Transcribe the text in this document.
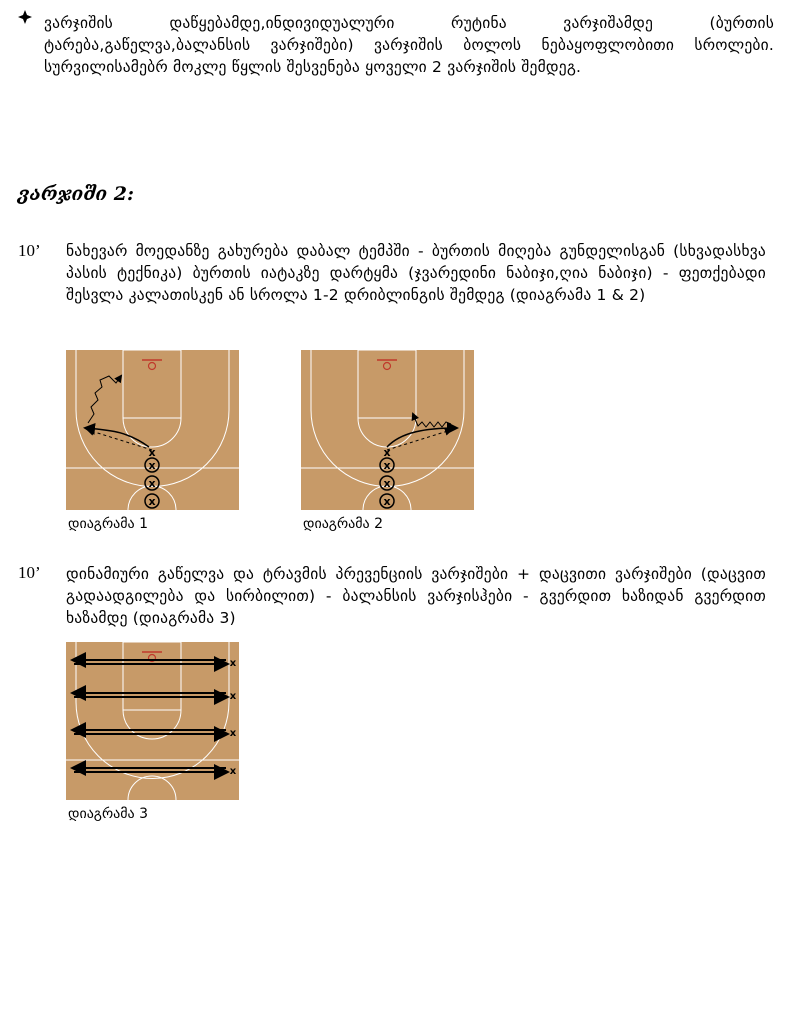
ვარჯიშის დაწყებამდე,ინდივიდუალური რუტინა ვარჯიშამდე (ბურთის ტარება,გაწელვა,ბალანსის ვარჯიშები) ვარჯიშის ბოლოს ნებაყოფლობითი სროლები. სურვილისამებრ მოკლე წყლის შესვენება ყოველი 2 ვარჯიშის შემდეგ.
ვარჯიში 2:
10’ ნახევარ მოედანზე გახურება დაბალ ტემპში - ბურთის მიღება გუნდელისგან (სხვადასხვა პასის ტექნიკა) ბურთის იატაკზე დარტყმა (ჯვარედინი ნაბიჯი,ღია ნაბიჯი) - ფეთქებადი შესვლა კალათისკენ ან სროლა 1-2 დრიბლინგის შემდეგ (დიაგრამა 1 & 2)
x
x
x
x
დიაგრამა 1
x
x
x
x
დიაგრამა 2
10’ დინამიური გაწელვა და ტრავმის პრევენციის ვარჯიშები + დაცვითი ვარჯიშები (დაცვით გადაადგილება და სირბილით) - ბალანსის ვარჯისჰები - გვერდით ხაზიდან გვერდით ხაზამდე (დიაგრამა 3)
x
x
x
x
დიაგრამა 3
